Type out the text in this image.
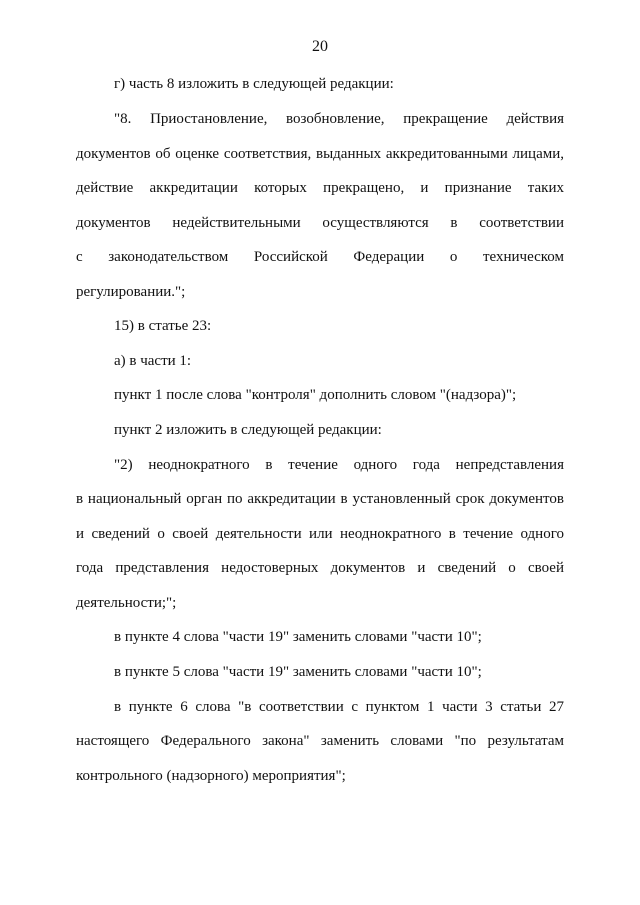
20
г) часть 8 изложить в следующей редакции:
"8. Приостановление, возобновление, прекращение действия
документов об оценке соответствия, выданных аккредитованными лицами,
действие аккредитации которых прекращено, и признание таких
документов недействительными осуществляются в соответствии
с законодательством Российской Федерации о техническом
регулировании.";
15) в статье 23:
а) в части 1:
пункт 1 после слова "контроля" дополнить словом "(надзора)";
пункт 2 изложить в следующей редакции:
"2) неоднократного в течение одного года непредставления
в национальный орган по аккредитации в установленный срок документов
и сведений о своей деятельности или неоднократного в течение одного
года представления недостоверных документов и сведений о своей
деятельности;";
в пункте 4 слова "части 19" заменить словами "части 10";
в пункте 5 слова "части 19" заменить словами "части 10";
в пункте 6 слова "в соответствии с пунктом 1 части 3 статьи 27
настоящего Федерального закона" заменить словами "по результатам
контрольного (надзорного) мероприятия";
